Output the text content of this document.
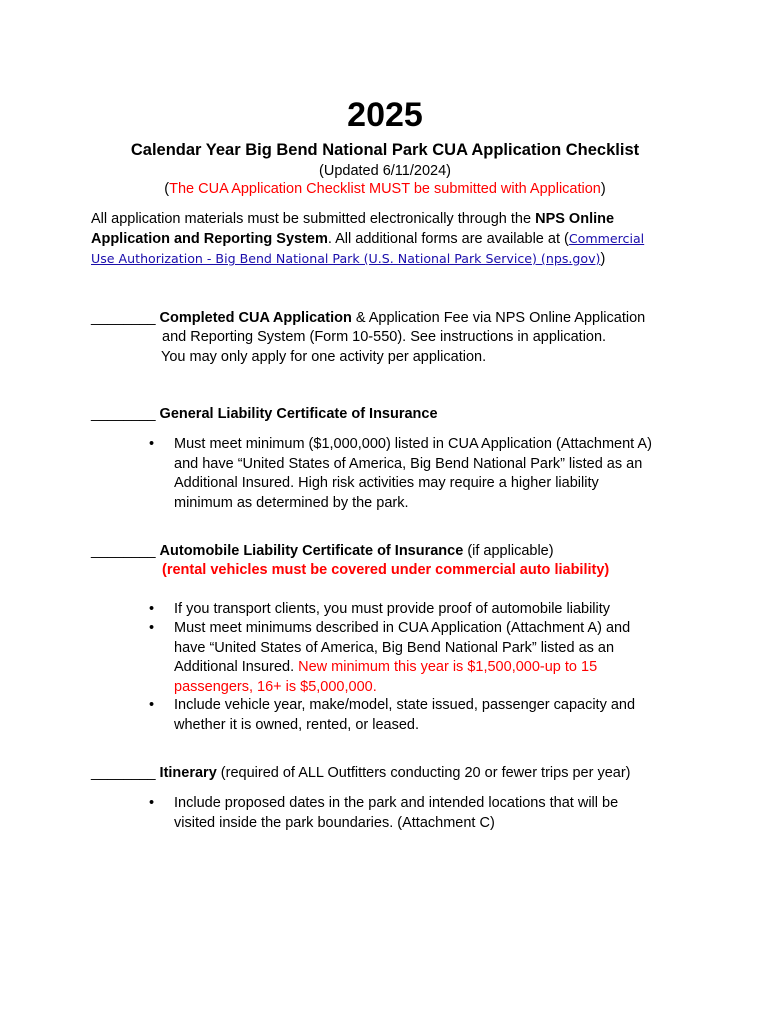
2025
Calendar Year Big Bend National Park CUA Application Checklist
(Updated 6/11/2024)
(The CUA Application Checklist MUST be submitted with Application)
All application materials must be submitted electronically through the NPS Online
Application and Reporting System. All additional forms are available at (Commercial
Use Authorization - Big Bend National Park (U.S. National Park Service) (nps.gov))
________ Completed CUA Application & Application Fee via NPS Online Application
and Reporting System (Form 10-550). See instructions in application.
You may only apply for one activity per application.
________ General Liability Certificate of Insurance
• Must meet minimum ($1,000,000) listed in CUA Application (Attachment A)
and have “United States of America, Big Bend National Park” listed as an
Additional Insured. High risk activities may require a higher liability
minimum as determined by the park.
________ Automobile Liability Certificate of Insurance (if applicable)
(rental vehicles must be covered under commercial auto liability)
• If you transport clients, you must provide proof of automobile liability
• Must meet minimums described in CUA Application (Attachment A) and
have “United States of America, Big Bend National Park” listed as an
Additional Insured. New minimum this year is $1,500,000-up to 15
passengers, 16+ is $5,000,000.
• Include vehicle year, make/model, state issued, passenger capacity and
whether it is owned, rented, or leased.
________ Itinerary (required of ALL Outfitters conducting 20 or fewer trips per year)
• Include proposed dates in the park and intended locations that will be
visited inside the park boundaries. (Attachment C)
